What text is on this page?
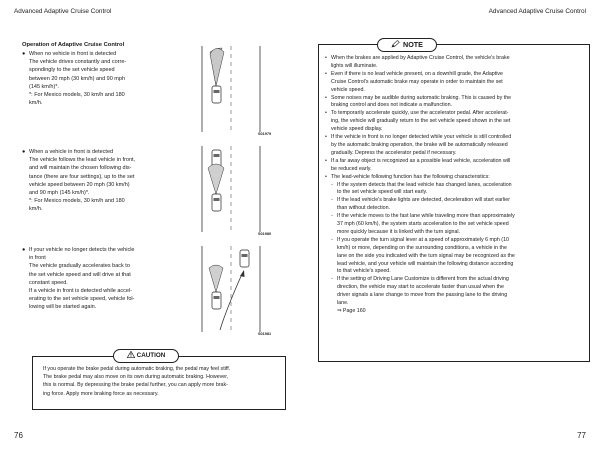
Advanced Adaptive Cruise Control	Advanced Adaptive Cruise Control
Operation of Adaptive Cruise Control

● When no vehicle in front is detected

The vehicle drives constantly and corre-

spondingly to the set vehicle speed

between 20 mph (30 km/h) and 90 mph

(145 km/h)*.

*: For Mexico models, 30 km/h and 180

km/h.

● When a vehicle in front is detected

The vehicle follows the lead vehicle in front,

and will maintain the chosen following dis-

tance (there are four settings), up to the set

vehicle speed between 20 mph (30 km/h)

and 90 mph (145 km/h)*.

*: For Mexico models, 30 km/h and 180

km/h.

● If your vehicle no longer detects the vehicle

in front

The vehicle gradually accelerates back to

the set vehicle speed and will drive at that

constant speed.

If a vehicle in front is detected while accel-

erating to the set vehicle speed, vehicle fol-

lowing will be started again.

S01979
S01980
S01981
CAUTION
If you operate the brake pedal during automatic braking, the pedal may feel stiff.
The brake pedal may also move on its own during automatic braking. However,
this is normal. By depressing the brake pedal further, you can apply more brak-
ing force. Apply more braking force as necessary.
76
NOTE
• When the brakes are applied by Adaptive Cruise Control, the vehicle's brake
lights will illuminate.
• Even if there is no lead vehicle present, on a downhill grade, the Adaptive
Cruise Control's automatic brake may operate in order to maintain the set
vehicle speed.
• Some noises may be audible during automatic braking. This is caused by the
braking control and does not indicate a malfunction.
• To temporarily accelerate quickly, use the accelerator pedal. After accelerat-
ing, the vehicle will gradually return to the set vehicle speed shown in the set
vehicle speed display.
• If the vehicle in front is no longer detected while your vehicle is still controlled
by the automatic braking operation, the brake will be automatically released
gradually. Depress the accelerator pedal if necessary.
• If a far away object is recognized as a possible lead vehicle, acceleration will
be reduced early.
• The lead-vehicle following function has the following characteristics:
- If the system detects that the lead vehicle has changed lanes, acceleration
to the set vehicle speed will start early.
- If the lead vehicle's brake lights are detected, deceleration will start earlier
than without detection.
- If the vehicle moves to the fast lane while traveling more than approximately
37 mph (60 km/h), the system starts acceleration to the set vehicle speed
more quickly because it is linked with the turn signal.
- If you operate the turn signal lever at a speed of approximately 6 mph (10
km/h) or more, depending on the surrounding conditions, a vehicle in the
lane on the side you indicated with the turn signal may be recognized as the
lead vehicle, and your vehicle will maintain the following distance according
to that vehicle's speed.
- If the setting of Driving Lane Customize is different from the actual driving
direction, the vehicle may start to accelerate faster than usual when the
driver signals a lane change to move from the passing lane to the driving
lane.
⇒ Page 160
77
